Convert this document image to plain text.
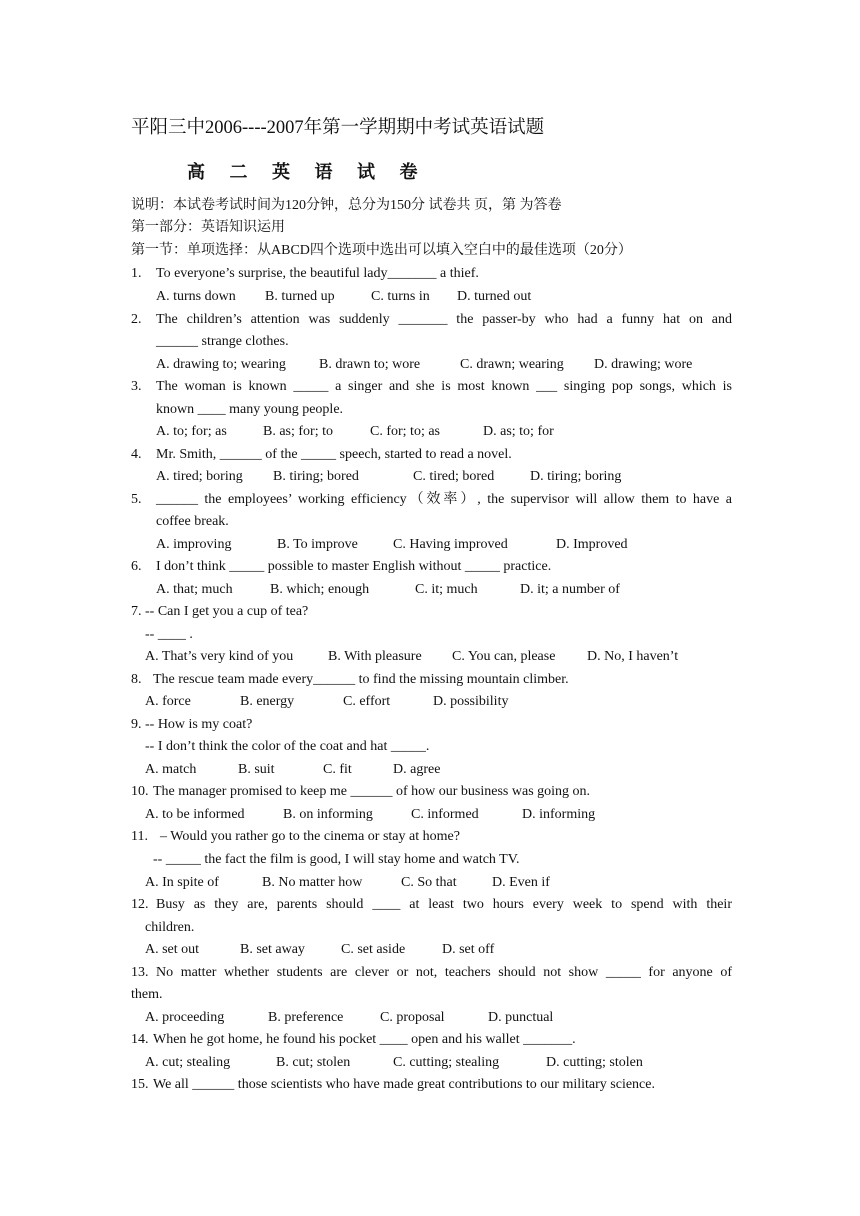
平阳三中2006----2007年第一学期期中考试英语试题
高 二 英 语 试 卷
说明：本试卷考试时间为120分钟，总分为150分 试卷共 页，第 为答卷
第一部分：英语知识运用
第一节：单项选择：从ABCD四个选项中选出可以填入空白中的最佳选项（20分）
1. To everyone’s surprise, the beautiful lady_______ a thief.
A. turns down B. turned up	C. turns in D. turned out
2. The children’s attention was suddenly _______ the passer-by who had a funny hat on and
______ strange clothes.
A. drawing to; wearing B. drawn to; wore	C. drawn; wearing D. drawing; wore
3. The woman is known _____ a singer and she is most known ___ singing pop songs, which is
known ____ many young people.
A. to; for; as	B. as; for; to	C. for; to; as	D. as; to; for
4. Mr. Smith, ______ of the _____ speech, started to read a novel.
A. tired; boring B. tiring; bored	C. tired; bored	D. tiring; boring
5. ______ the employees’ working efficiency（效率）, the supervisor will allow them to have a
coffee break.
A. improving	B. To improve	C. Having improved	D. Improved
6. I don’t think _____ possible to master English without _____ practice.
A. that; much	B. which; enough	C. it; much	D. it; a number of
7. -- Can I get you a cup of tea?
-- ____ .
A. That’s very kind of you B. With pleasure C. You can, please D. No, I haven’t
8. The rescue team made every______ to find the missing mountain climber.
A. force	B. energy	C. effort	D. possibility
9. -- How is my coat?
-- I don’t think the color of the coat and hat _____.
A. match	B. suit	C. fit	D. agree
10. The manager promised to keep me ______ of how our business was going on.
A. to be informed	B. on informing	C. informed	D. informing
11. – Would you rather go to the cinema or stay at home?
-- _____ the fact the film is good, I will stay home and watch TV.
A. In spite of	B. No matter how	C. So that	D. Even if
12. Busy as they are, parents should ____ at least two hours every week to spend with their
children.
A. set out	B. set away	C. set aside	D. set off
13. No matter whether students are clever or not, teachers should not show _____ for anyone of
them.
A. proceeding	B. preference	C. proposal	D. punctual
14. When he got home, he found his pocket ____ open and his wallet _______.
A. cut; stealing	B. cut; stolen	C. cutting; stealing	D. cutting; stolen
15. We all ______ those scientists who have made great contributions to our military science.
